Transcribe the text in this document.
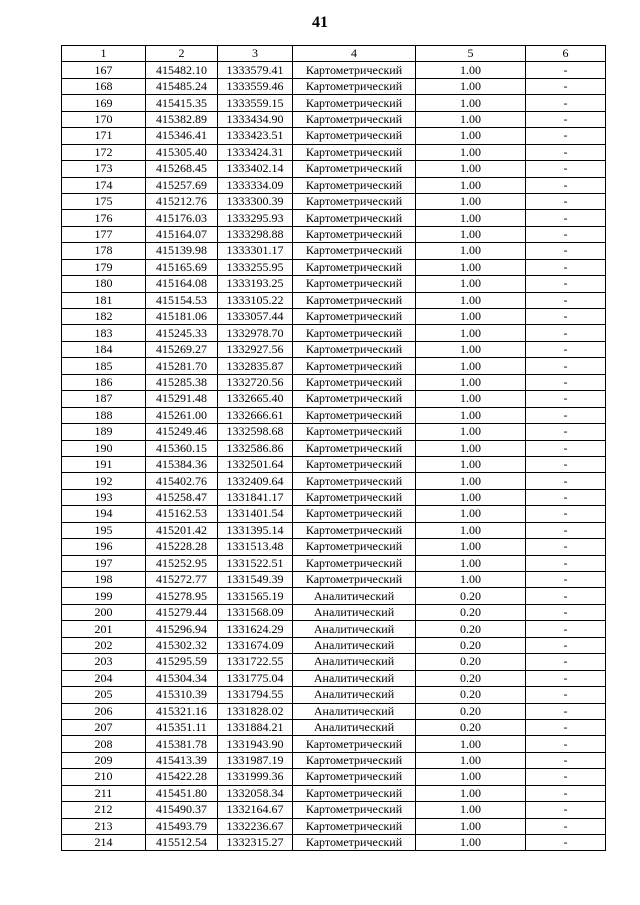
41
1	2	3	4	5	6
167	415482.10	1333579.41	Картометрический	1.00	-
168	415485.24	1333559.46	Картометрический	1.00	-
169	415415.35	1333559.15	Картометрический	1.00	-
170	415382.89	1333434.90	Картометрический	1.00	-
171	415346.41	1333423.51	Картометрический	1.00	-
172	415305.40	1333424.31	Картометрический	1.00	-
173	415268.45	1333402.14	Картометрический	1.00	-
174	415257.69	1333334.09	Картометрический	1.00	-
175	415212.76	1333300.39	Картометрический	1.00	-
176	415176.03	1333295.93	Картометрический	1.00	-
177	415164.07	1333298.88	Картометрический	1.00	-
178	415139.98	1333301.17	Картометрический	1.00	-
179	415165.69	1333255.95	Картометрический	1.00	-
180	415164.08	1333193.25	Картометрический	1.00	-
181	415154.53	1333105.22	Картометрический	1.00	-
182	415181.06	1333057.44	Картометрический	1.00	-
183	415245.33	1332978.70	Картометрический	1.00	-
184	415269.27	1332927.56	Картометрический	1.00	-
185	415281.70	1332835.87	Картометрический	1.00	-
186	415285.38	1332720.56	Картометрический	1.00	-
187	415291.48	1332665.40	Картометрический	1.00	-
188	415261.00	1332666.61	Картометрический	1.00	-
189	415249.46	1332598.68	Картометрический	1.00	-
190	415360.15	1332586.86	Картометрический	1.00	-
191	415384.36	1332501.64	Картометрический	1.00	-
192	415402.76	1332409.64	Картометрический	1.00	-
193	415258.47	1331841.17	Картометрический	1.00	-
194	415162.53	1331401.54	Картометрический	1.00	-
195	415201.42	1331395.14	Картометрический	1.00	-
196	415228.28	1331513.48	Картометрический	1.00	-
197	415252.95	1331522.51	Картометрический	1.00	-
198	415272.77	1331549.39	Картометрический	1.00	-
199	415278.95	1331565.19	Аналитический	0.20	-
200	415279.44	1331568.09	Аналитический	0.20	-
201	415296.94	1331624.29	Аналитический	0.20	-
202	415302.32	1331674.09	Аналитический	0.20	-
203	415295.59	1331722.55	Аналитический	0.20	-
204	415304.34	1331775.04	Аналитический	0.20	-
205	415310.39	1331794.55	Аналитический	0.20	-
206	415321.16	1331828.02	Аналитический	0.20	-
207	415351.11	1331884.21	Аналитический	0.20	-
208	415381.78	1331943.90	Картометрический	1.00	-
209	415413.39	1331987.19	Картометрический	1.00	-
210	415422.28	1331999.36	Картометрический	1.00	-
211	415451.80	1332058.34	Картометрический	1.00	-
212	415490.37	1332164.67	Картометрический	1.00	-
213	415493.79	1332236.67	Картометрический	1.00	-
214	415512.54	1332315.27	Картометрический	1.00	-
